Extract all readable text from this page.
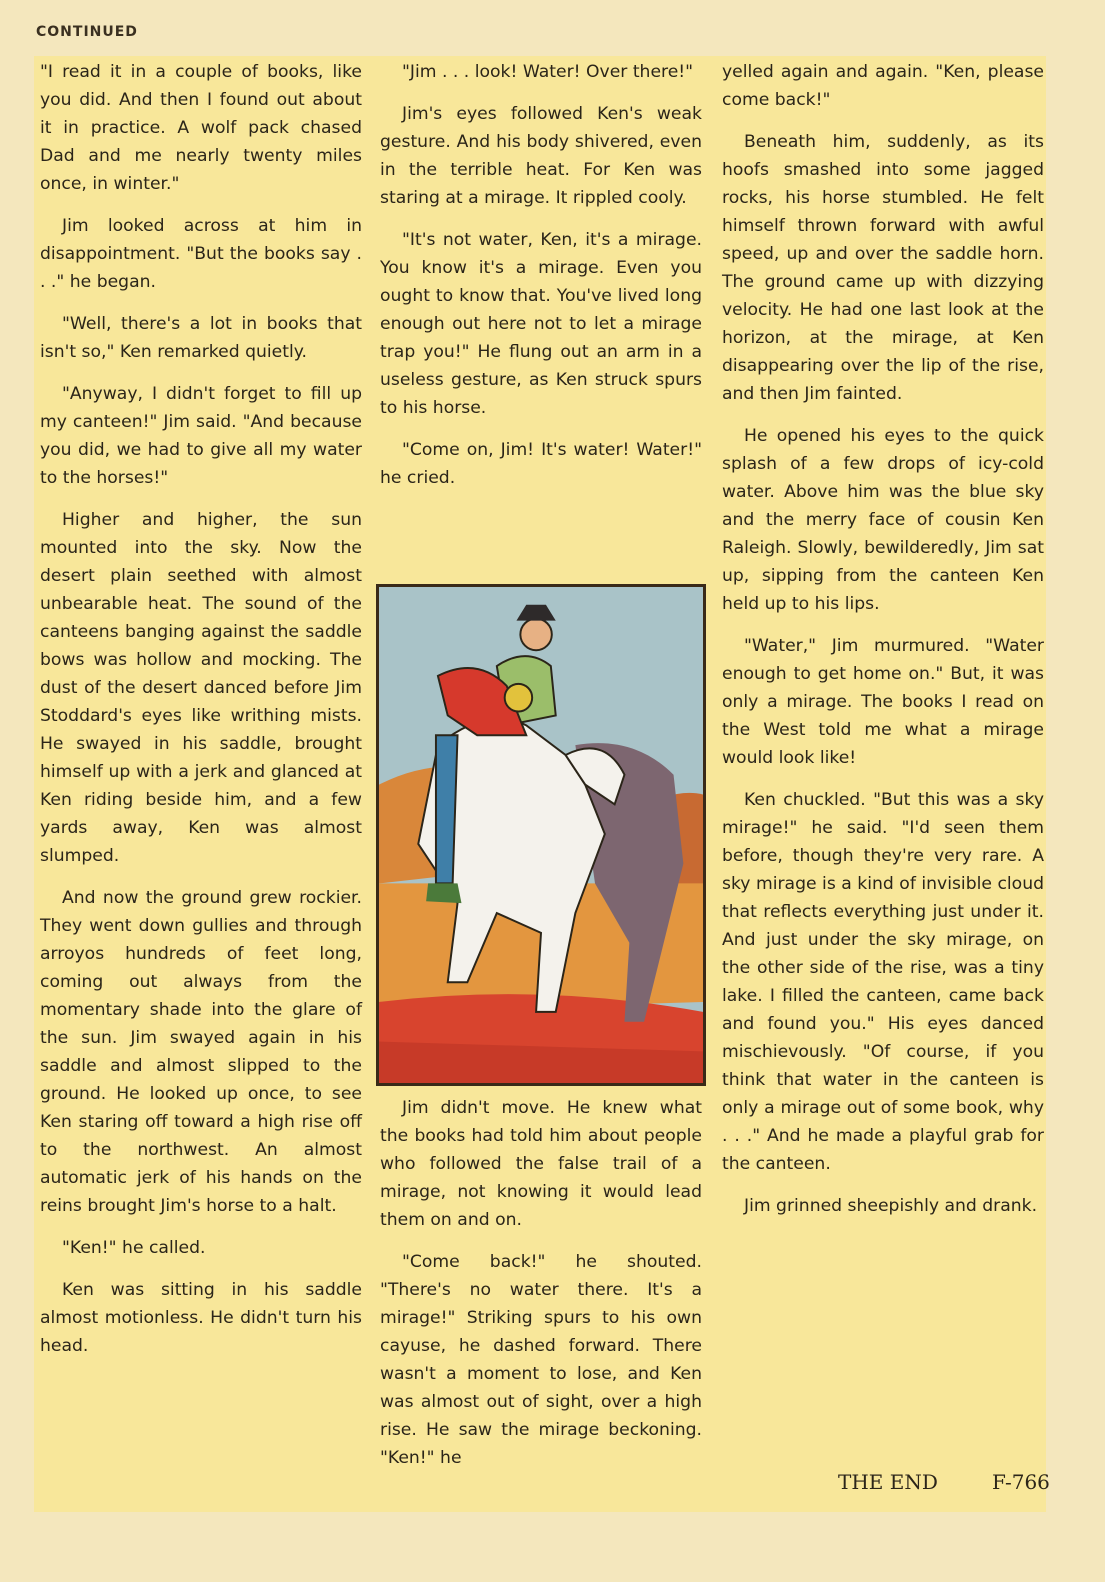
CONTINUED

"I read it in a couple of books, like you did. And then I found out about it in practice. A wolf pack chased Dad and me nearly twenty miles once, in winter."

Jim looked across at him in disappointment. "But the books say . . ." he began.

"Well, there's a lot in books that isn't so," Ken remarked quietly.

"Anyway, I didn't forget to fill up my canteen!" Jim said. "And because you did, we had to give all my water to the horses!"

Higher and higher, the sun mounted into the sky. Now the desert plain seethed with almost unbearable heat. The sound of the canteens banging against the saddle bows was hollow and mocking. The dust of the desert danced before Jim Stoddard's eyes like writhing mists. He swayed in his saddle, brought himself up with a jerk and glanced at Ken riding beside him, and a few yards away, Ken was almost slumped.

And now the ground grew rockier. They went down gullies and through arroyos hundreds of feet long, coming out always from the momentary shade into the glare of the sun. Jim swayed again in his saddle and almost slipped to the ground. He looked up once, to see Ken staring off toward a high rise off to the northwest. An almost automatic jerk of his hands on the reins brought Jim's horse to a halt.

"Ken!" he called.

Ken was sitting in his saddle almost motionless. He didn't turn his head.

"Jim . . . look! Water! Over there!"

Jim's eyes followed Ken's weak gesture. And his body shivered, even in the terrible heat. For Ken was staring at a mirage. It rippled cooly.

"It's not water, Ken, it's a mirage. You know it's a mirage. Even you ought to know that. You've lived long enough out here not to let a mirage trap you!" He flung out an arm in a useless gesture, as Ken struck spurs to his horse.

"Come on, Jim! It's water! Water!" he cried.

Jim didn't move. He knew what the books had told him about people who followed the false trail of a mirage, not knowing it would lead them on and on.

"Come back!" he shouted. "There's no water there. It's a mirage!" Striking spurs to his own cayuse, he dashed forward. There wasn't a moment to lose, and Ken was almost out of sight, over a high rise. He saw the mirage beckoning. "Ken!" he

yelled again and again. "Ken, please come back!"

Beneath him, suddenly, as its hoofs smashed into some jagged rocks, his horse stumbled. He felt himself thrown forward with awful speed, up and over the saddle horn. The ground came up with dizzying velocity. He had one last look at the horizon, at the mirage, at Ken disappearing over the lip of the rise, and then Jim fainted.

He opened his eyes to the quick splash of a few drops of icy-cold water. Above him was the blue sky and the merry face of cousin Ken Raleigh. Slowly, bewilderedly, Jim sat up, sipping from the canteen Ken held up to his lips.

"Water," Jim murmured. "Water enough to get home on." But, it was only a mirage. The books I read on the West told me what a mirage would look like!

Ken chuckled. "But this was a sky mirage!" he said. "I'd seen them before, though they're very rare. A sky mirage is a kind of invisible cloud that reflects everything just under it. And just under the sky mirage, on the other side of the rise, was a tiny lake. I filled the canteen, came back and found you." His eyes danced mischievously. "Of course, if you think that water in the canteen is only a mirage out of some book, why . . ." And he made a playful grab for the canteen.

Jim grinned sheepishly and drank.

THE END	F-766
